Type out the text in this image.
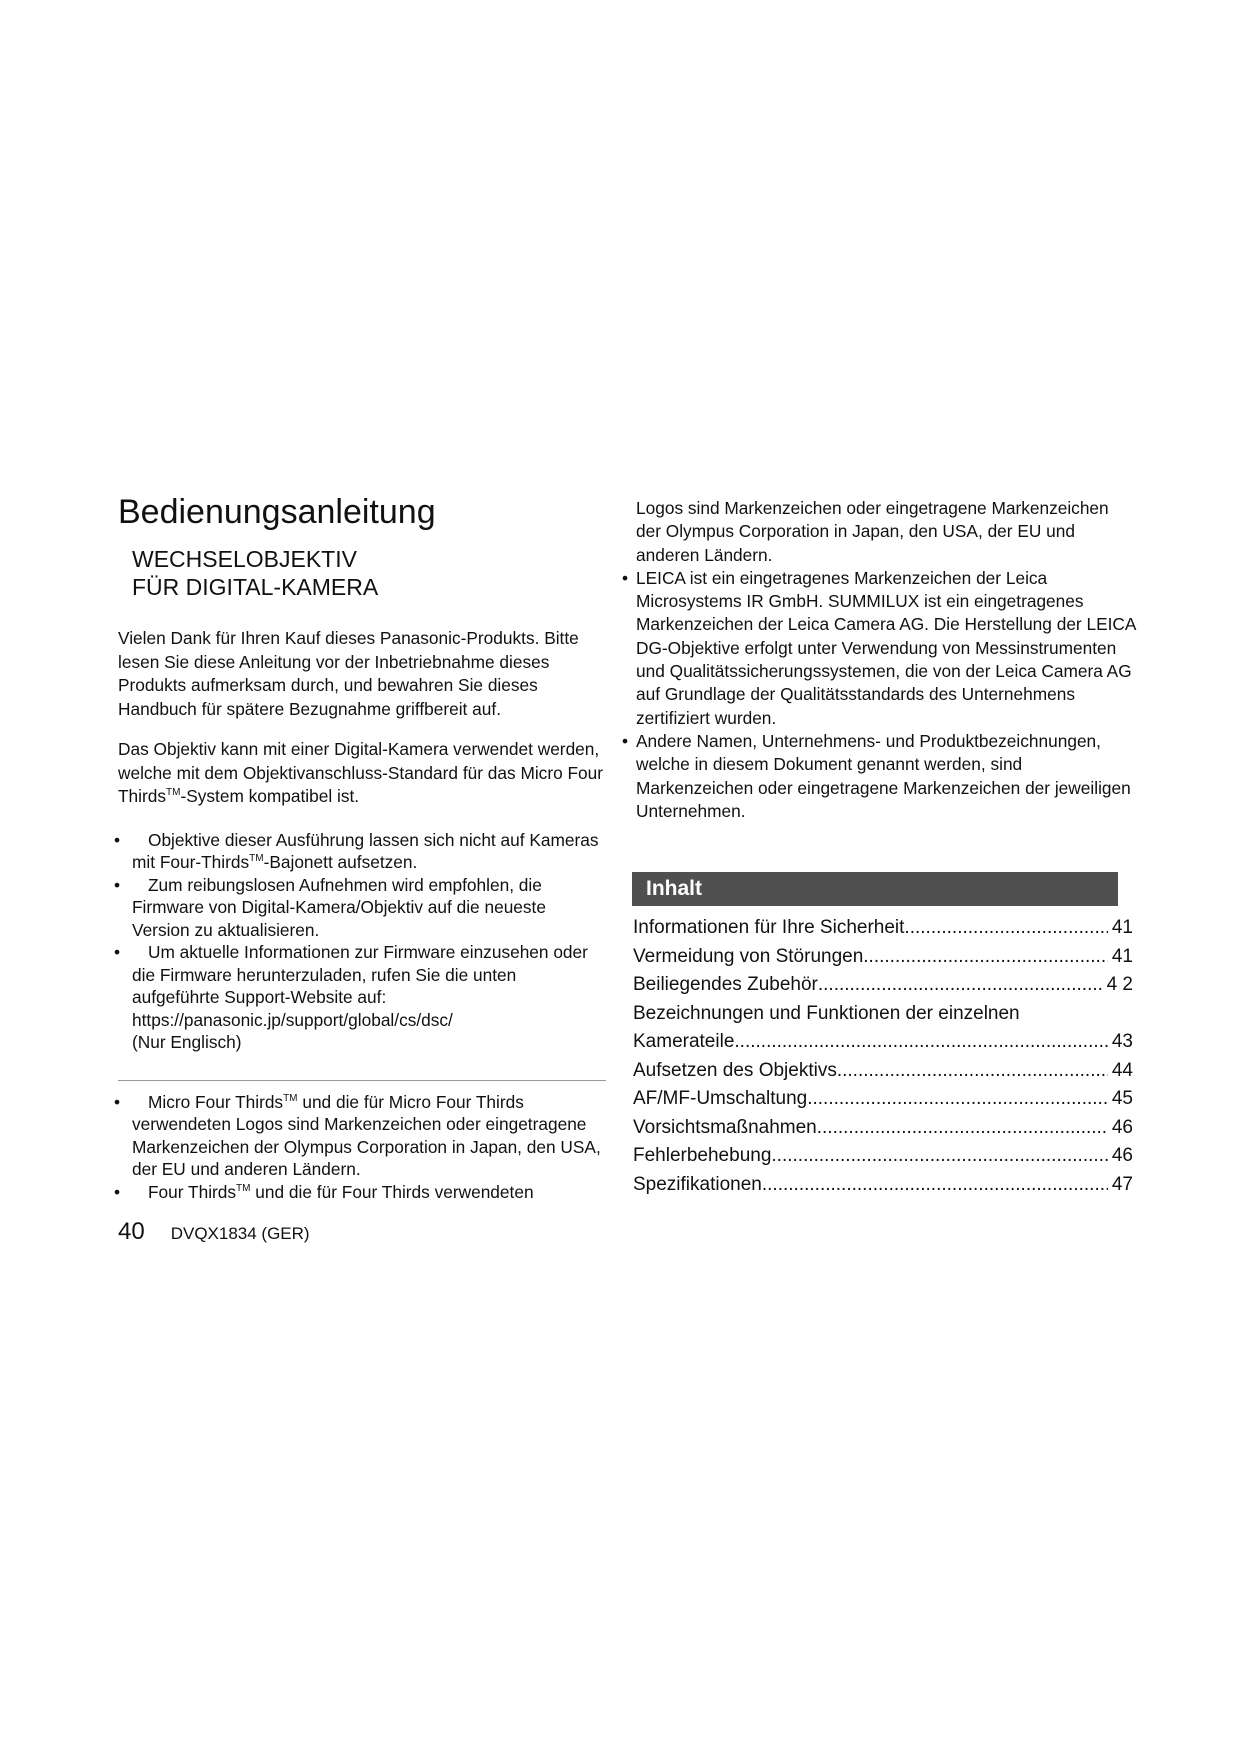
Bedienungsanleitung
WECHSELOBJEKTIV
FÜR DIGITAL-KAMERA

Vielen Dank für Ihren Kauf dieses Panasonic-Produkts. Bitte lesen Sie diese Anleitung vor der Inbetriebnahme dieses Produkts aufmerksam durch, und bewahren Sie dieses Handbuch für spätere Bezugnahme griffbereit auf.

Das Objektiv kann mit einer Digital-Kamera verwendet werden, welche mit dem Objektivanschluss-Standard für das Micro Four Thirds™-System kompatibel ist.

• Objektive dieser Ausführung lassen sich nicht auf Kameras mit Four-Thirds™-Bajonett aufsetzen.
• Zum reibungslosen Aufnehmen wird empfohlen, die Firmware von Digital-Kamera/Objektiv auf die neueste Version zu aktualisieren.
• Um aktuelle Informationen zur Firmware einzusehen oder die Firmware herunterzuladen, rufen Sie die unten aufgeführte Support-Website auf:
https://panasonic.jp/support/global/cs/dsc/
(Nur Englisch)
• Micro Four Thirds™ und die für Micro Four Thirds verwendeten Logos sind Markenzeichen oder eingetragene Markenzeichen der Olympus Corporation in Japan, den USA, der EU und anderen Ländern.
• Four Thirds™ und die für Four Thirds verwendeten

Logos sind Markenzeichen oder eingetragene Markenzeichen der Olympus Corporation in Japan, den USA, der EU und anderen Ländern.

• LEICA ist ein eingetragenes Markenzeichen der Leica Microsystems IR GmbH. SUMMILUX ist ein eingetragenes Markenzeichen der Leica Camera AG. Die Herstellung der LEICA DG-Objektive erfolgt unter Verwendung von Messinstrumenten und Qualitätssicherungssystemen, die von der Leica Camera AG auf Grundlage der Qualitätsstandards des Unternehmens zertifiziert wurden.
• Andere Namen, Unternehmens- und Produktbezeichnungen, welche in diesem Dokument genannt werden, sind Markenzeichen oder eingetragene Markenzeichen der jeweiligen Unternehmen.
Inhalt
Informationen für Ihre Sicherheit .....	41
Vermeidung von Störungen .....	41
Beiliegendes Zubehör .....	4 2
Bezeichnungen und Funktionen der einzelnen
Kamerateile .....	43
Aufsetzen des Objektivs .....	44
AF/MF-Umschaltung .....	45
Vorsichtsmaßnahmen .....	46
Fehlerbehebung .....	46
Spezifikationen .....	47
40 DVQX1834 (GER)
